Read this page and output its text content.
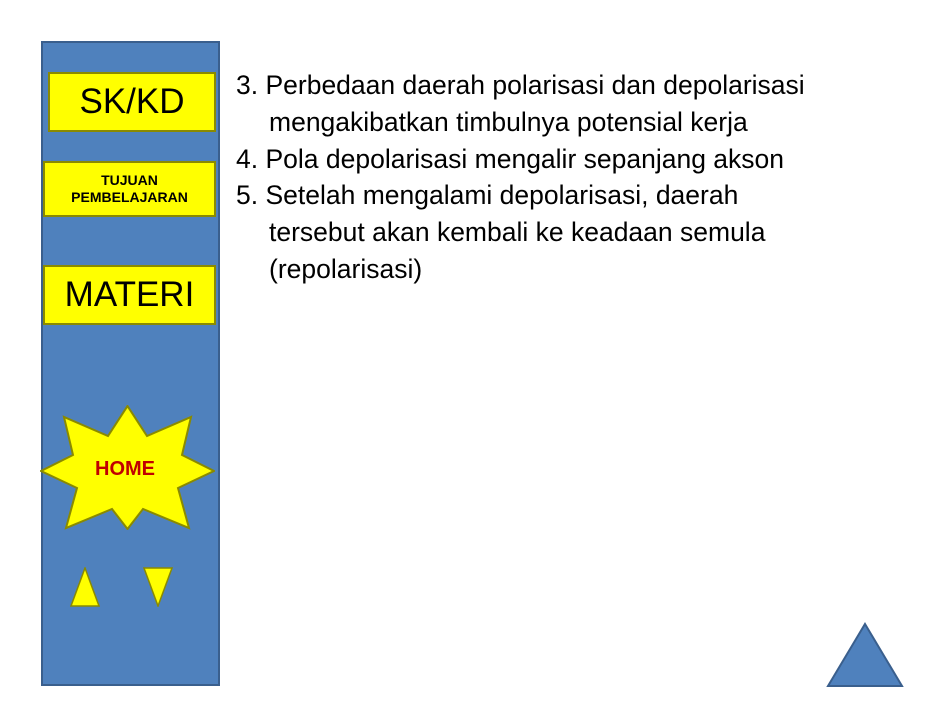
SK/KD
TUJUAN
PEMBELAJARAN
MATERI
HOME

3. Perbedaan daerah polarisasi dan depolarisasi mengakibatkan timbulnya potensial kerja

4. Pola depolarisasi mengalir sepanjang akson

5. Setelah mengalami depolarisasi, daerah tersebut akan kembali ke keadaan semula (repolarisasi)
